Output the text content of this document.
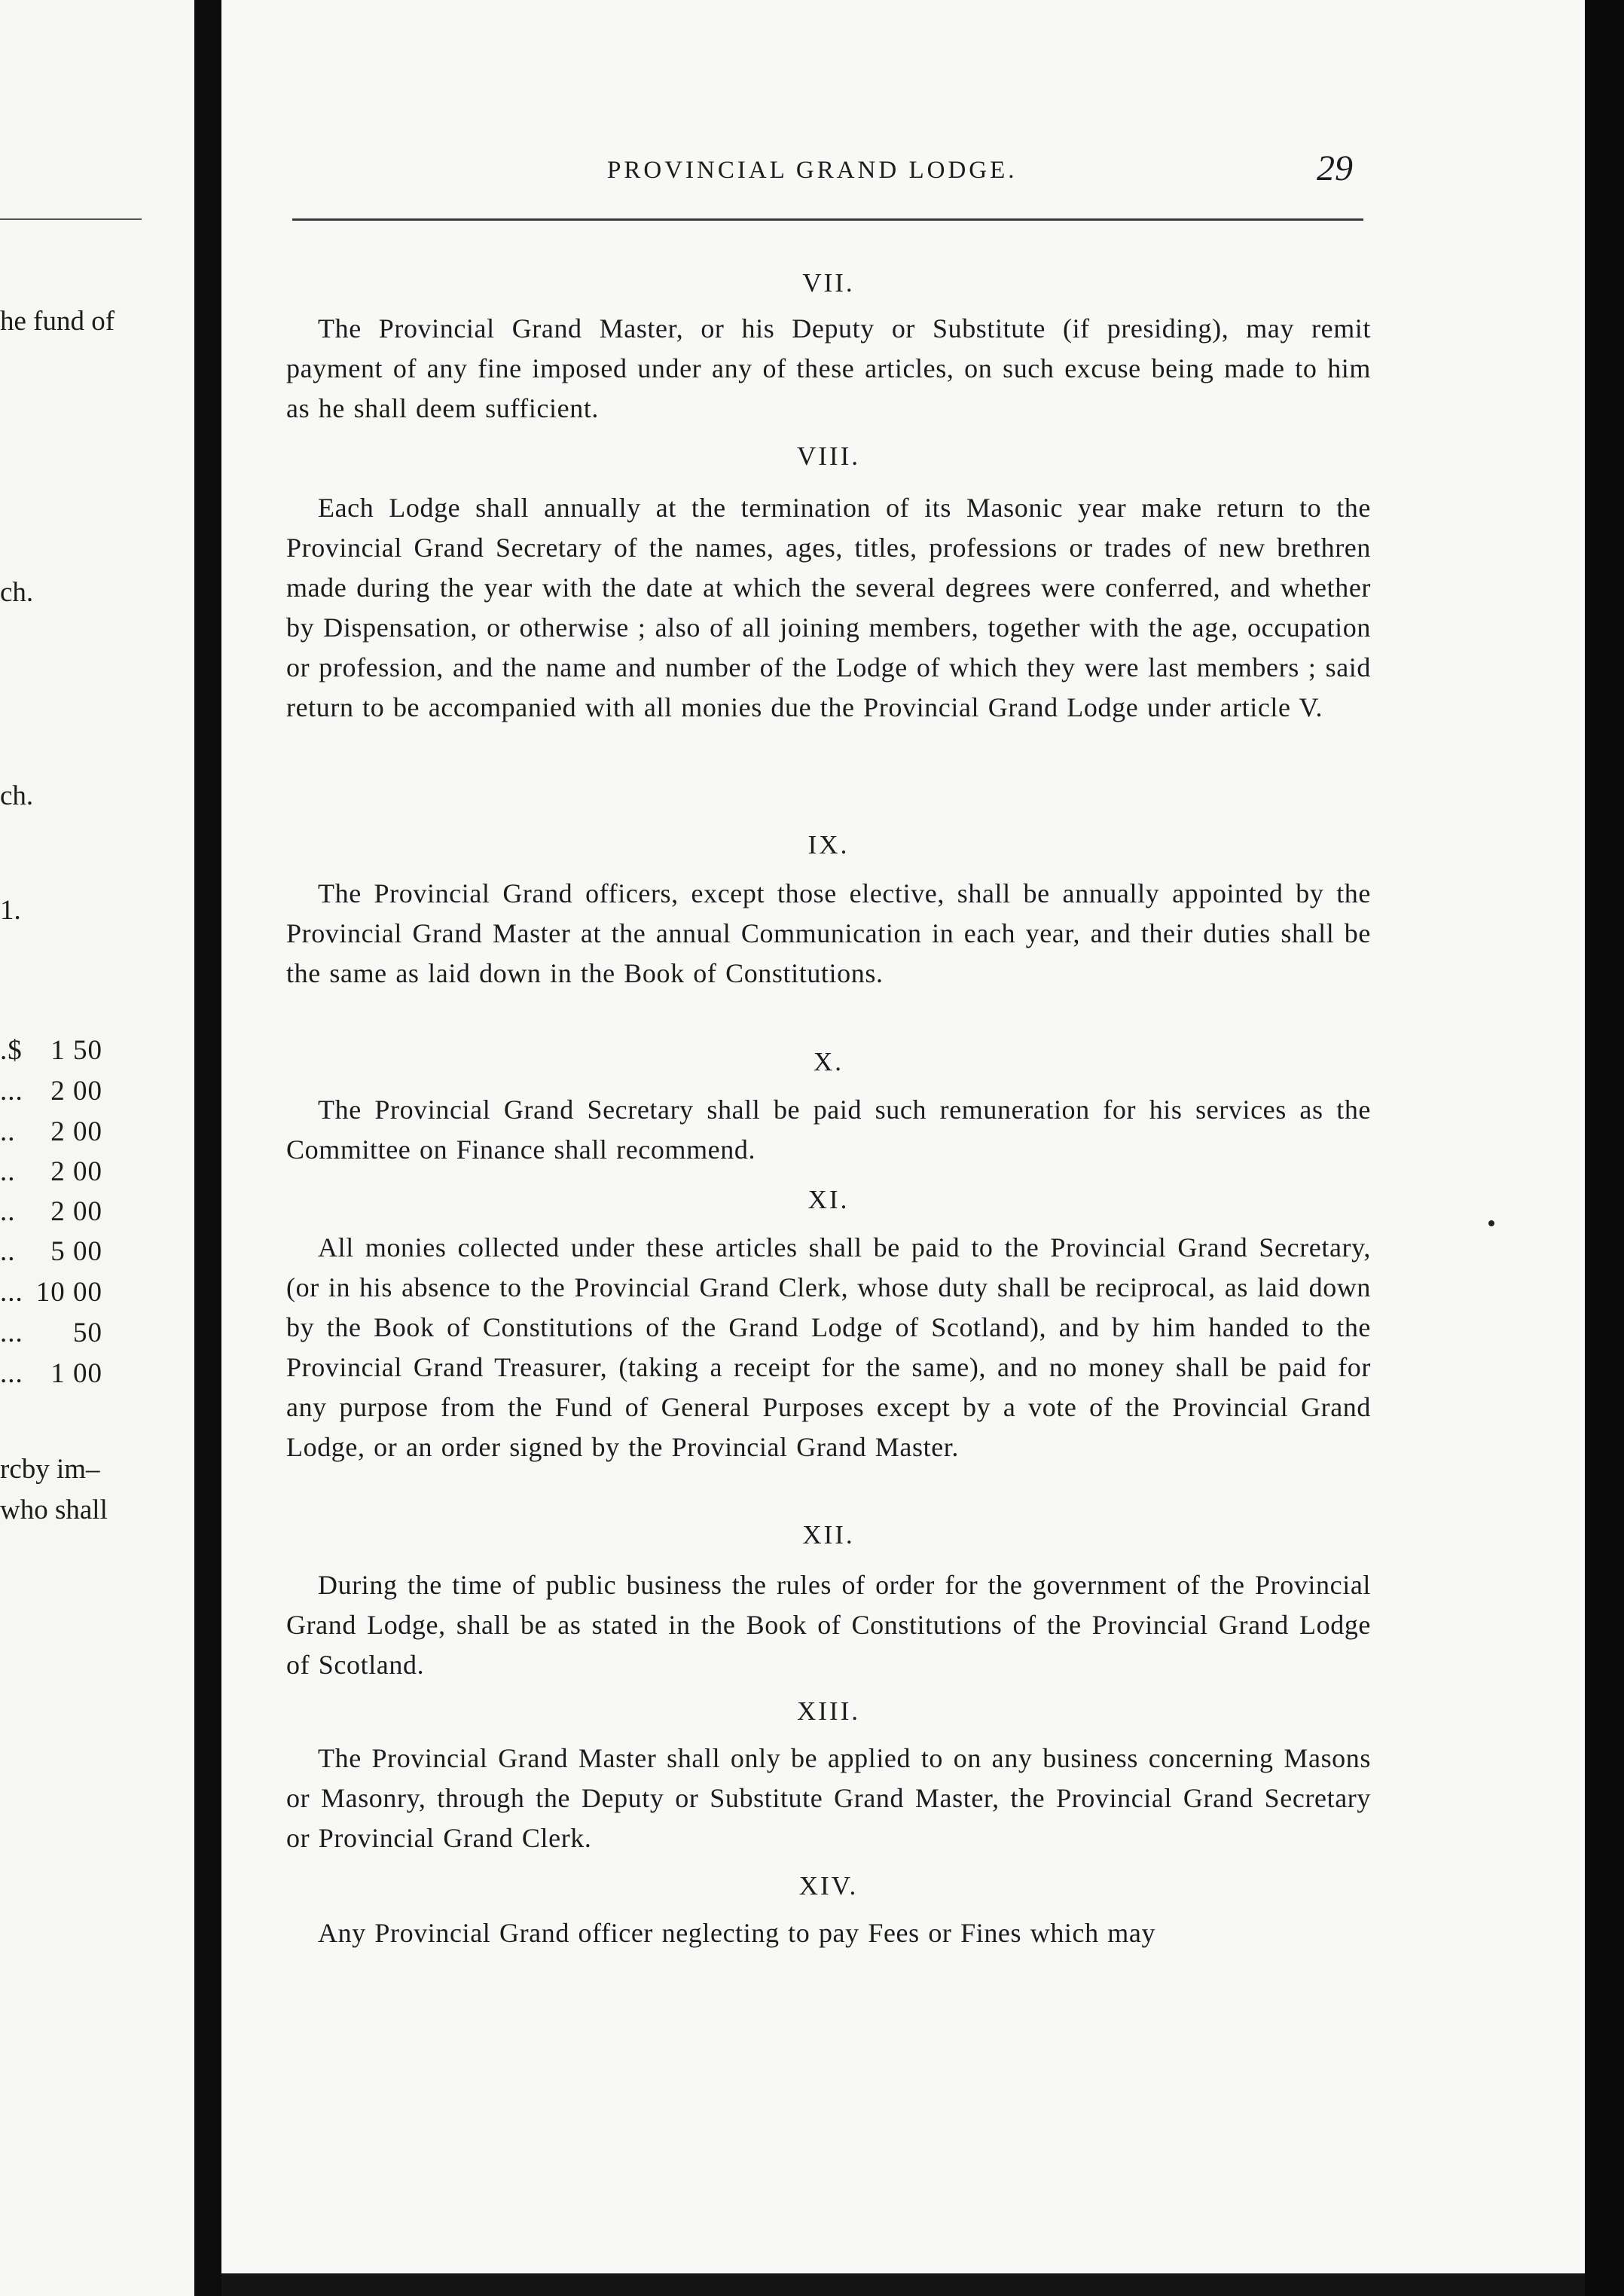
he fund of
ch.
ch.
1.
.$ 1 50
... 2 00
.. 2 00
.. 2 00
.. 2 00
.. 5 00
... 10 00
... 50
... 1 00
rcby im–
who shall
PROVINCIAL GRAND LODGE.	29
VII.
The Provincial Grand Master, or his Deputy or Substitute (if presiding), may remit payment of any fine imposed under any of these articles, on such excuse being made to him as he shall deem sufficient.
VIII.
Each Lodge shall annually at the termination of its Masonic year make return to the Provincial Grand Secretary of the names, ages, titles, professions or trades of new brethren made during the year with the date at which the several degrees were conferred, and whether by Dispensation, or otherwise ; also of all joining members, together with the age, occupation or profession, and the name and number of the Lodge of which they were last members ; said return to be accompanied with all monies due the Provincial Grand Lodge under article V.
IX.
The Provincial Grand officers, except those elective, shall be annually appointed by the Provincial Grand Master at the annual Communication in each year, and their duties shall be the same as laid down in the Book of Constitutions.
X.
The Provincial Grand Secretary shall be paid such remuneration for his services as the Committee on Finance shall recommend.
XI.
All monies collected under these articles shall be paid to the Provincial Grand Secretary, (or in his absence to the Provincial Grand Clerk, whose duty shall be reciprocal, as laid down by the Book of Constitutions of the Grand Lodge of Scotland), and by him handed to the Provincial Grand Treasurer, (taking a receipt for the same), and no money shall be paid for any purpose from the Fund of General Purposes except by a vote of the Provincial Grand Lodge, or an order signed by the Provincial Grand Master.
XII.
During the time of public business the rules of order for the government of the Provincial Grand Lodge, shall be as stated in the Book of Constitutions of the Provincial Grand Lodge of Scotland.
XIII.
The Provincial Grand Master shall only be applied to on any business concerning Masons or Masonry, through the Deputy or Substitute Grand Master, the Provincial Grand Secretary or Provincial Grand Clerk.
XIV.
Any Provincial Grand officer neglecting to pay Fees or Fines which may
